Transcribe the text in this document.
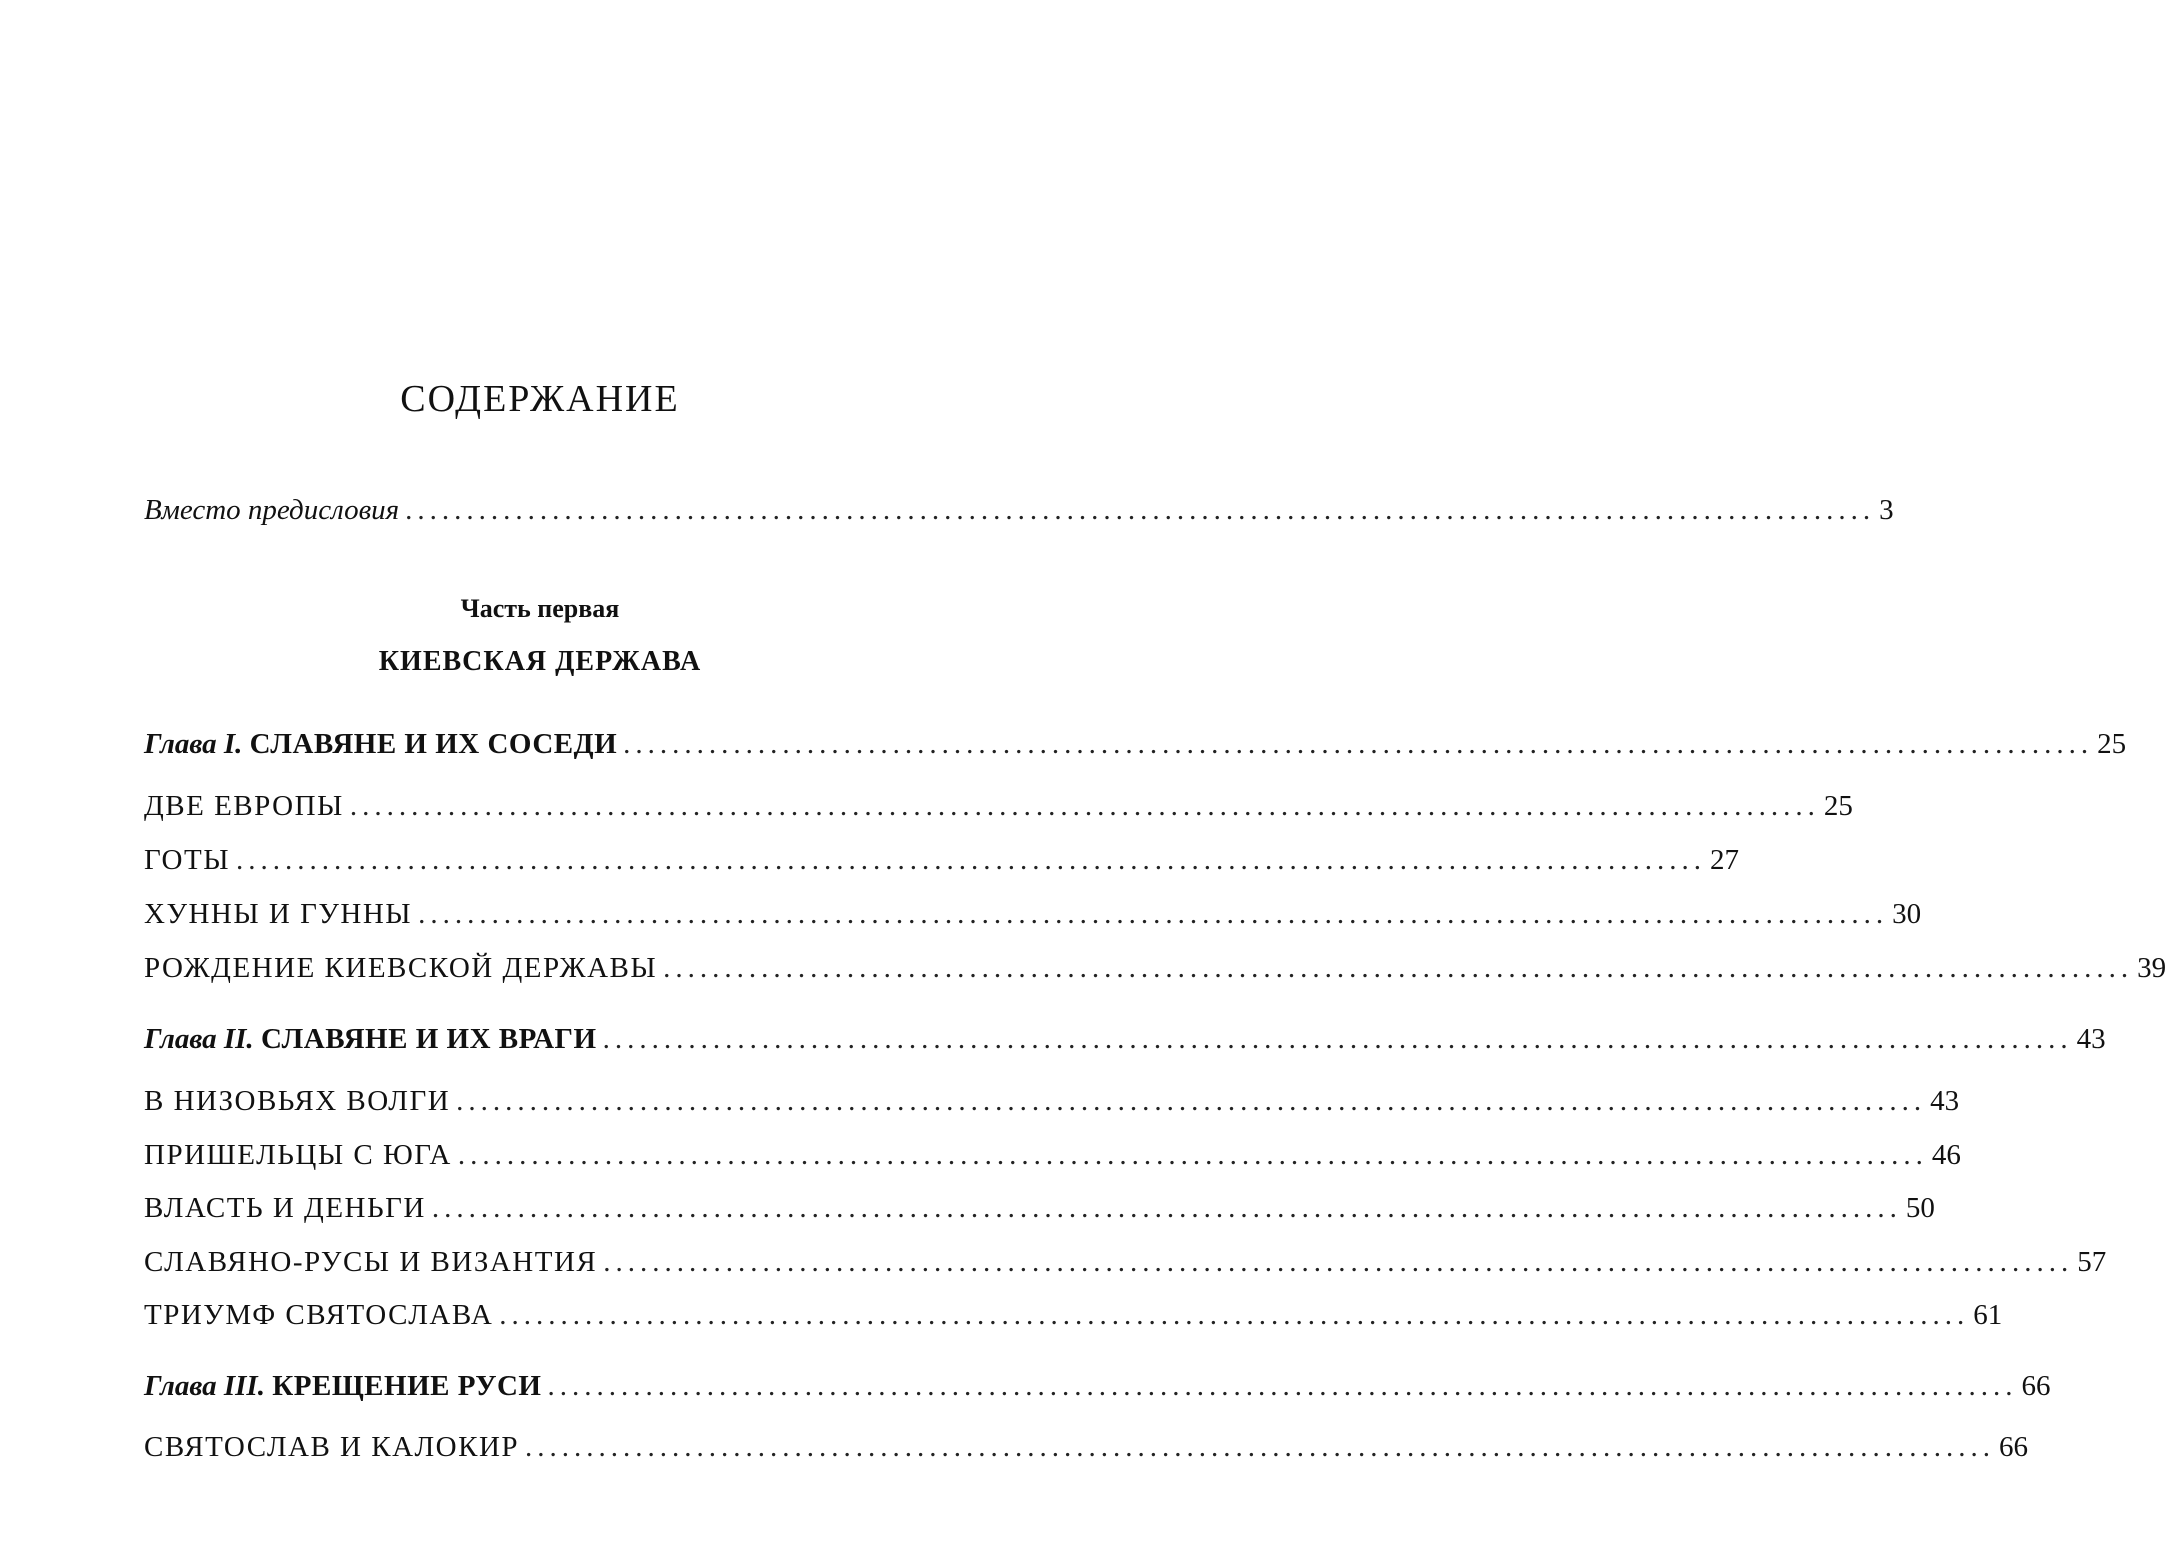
СОДЕРЖАНИЕ
Вместо предисловия ........................................................................................................................ 3
Часть первая
КИЕВСКАЯ ДЕРЖАВА
Глава I. СЛАВЯНЕ И ИХ СОСЕДИ ........................................................................................................................ 25
ДВЕ ЕВРОПЫ ........................................................................................................................ 25
ГОТЫ ........................................................................................................................ 27
ХУННЫ И ГУННЫ ........................................................................................................................ 30
РОЖДЕНИЕ КИЕВСКОЙ ДЕРЖАВЫ ........................................................................................................................ 39
Глава II. СЛАВЯНЕ И ИХ ВРАГИ ........................................................................................................................ 43
В НИЗОВЬЯХ ВОЛГИ ........................................................................................................................ 43
ПРИШЕЛЬЦЫ С ЮГА ........................................................................................................................ 46
ВЛАСТЬ И ДЕНЬГИ ........................................................................................................................ 50
СЛАВЯНО-РУСЫ И ВИЗАНТИЯ ........................................................................................................................ 57
ТРИУМФ СВЯТОСЛАВА ........................................................................................................................ 61
Глава III. КРЕЩЕНИЕ РУСИ ........................................................................................................................ 66
СВЯТОСЛАВ И КАЛОКИР ........................................................................................................................ 66
